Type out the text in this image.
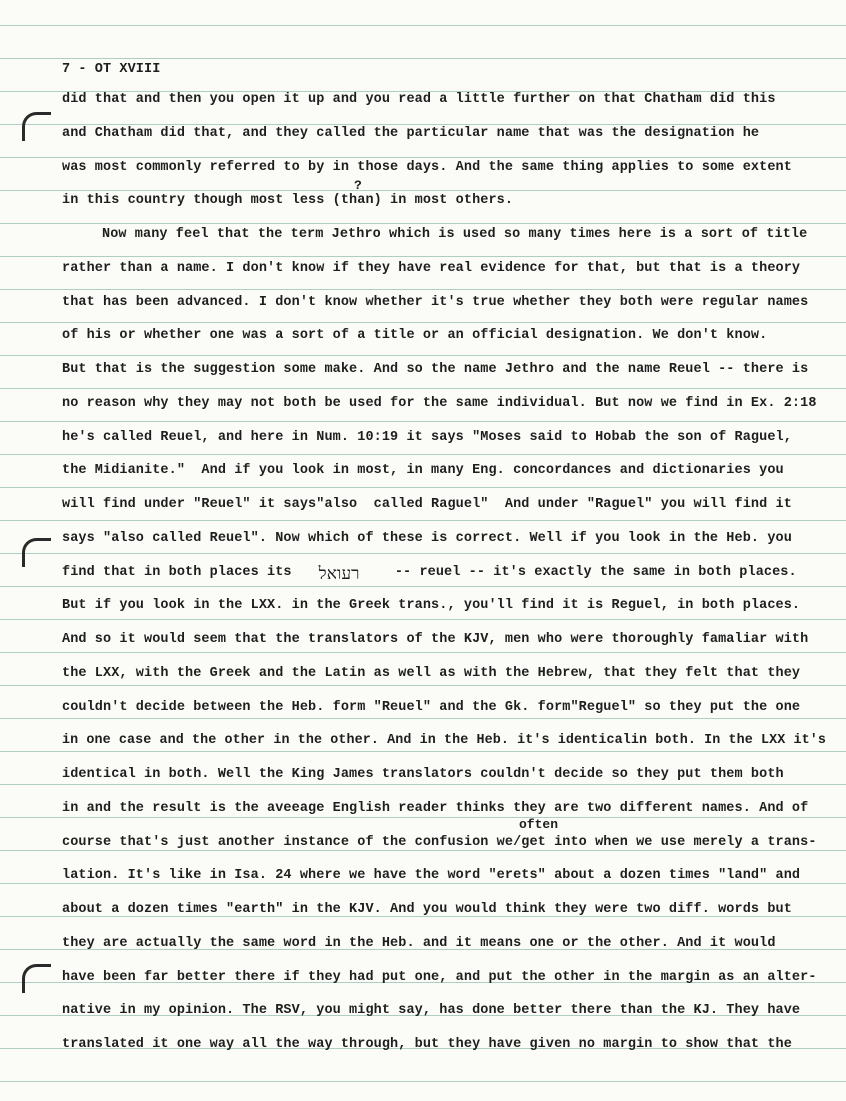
7 - OT XVIII
?
often
did that and then you open it up and you read a little further on that Chatham did this
and Chatham did that, and they called the particular name that was the designation he
was most commonly referred to by in those days. And the same thing applies to some extent
in this country though most less (than) in most others.
Now many feel that the term Jethro which is used so many times here is a sort of title
rather than a name. I don't know if they have real evidence for that, but that is a theory
that has been advanced. I don't know whether it's true whether they both were regular names
of his or whether one was a sort of a title or an official designation. We don't know.
But that is the suggestion some make. And so the name Jethro and the name Reuel -- there is
no reason why they may not both be used for the same individual. But now we find in Ex. 2:18
he's called Reuel, and here in Num. 10:19 it says "Moses said to Hobab the son of Raguel,
the Midianite."  And if you look in most, in many Eng. concordances and dictionaries you
will find under "Reuel" it says"also  called Raguel"  And under "Raguel" you will find it
says "also called Reuel". Now which of these is correct. Well if you look in the Heb. you
find that in both places its רעואל -- reuel -- it's exactly the same in both places.
But if you look in the LXX. in the Greek trans., you'll find it is Reguel, in both places.
And so it would seem that the translators of the KJV, men who were thoroughly famaliar with
the LXX, with the Greek and the Latin as well as with the Hebrew, that they felt that they
couldn't decide between the Heb. form "Reuel" and the Gk. form"Reguel" so they put the one
in one case and the other in the other. And in the Heb. it's identicalin both. In the LXX it's
identical in both. Well the King James translators couldn't decide so they put them both
in and the result is the aveeage English reader thinks they are two different names. And of
course that's just another instance of the confusion we/get into when we use merely a trans-
lation. It's like in Isa. 24 where we have the word "erets" about a dozen times "land" and
about a dozen times "earth" in the KJV. And you would think they were two diff. words but
they are actually the same word in the Heb. and it means one or the other. And it would
have been far better there if they had put one, and put the other in the margin as an alter-
native in my opinion. The RSV, you might say, has done better there than the KJ. They have
translated it one way all the way through, but they have given no margin to show that the
